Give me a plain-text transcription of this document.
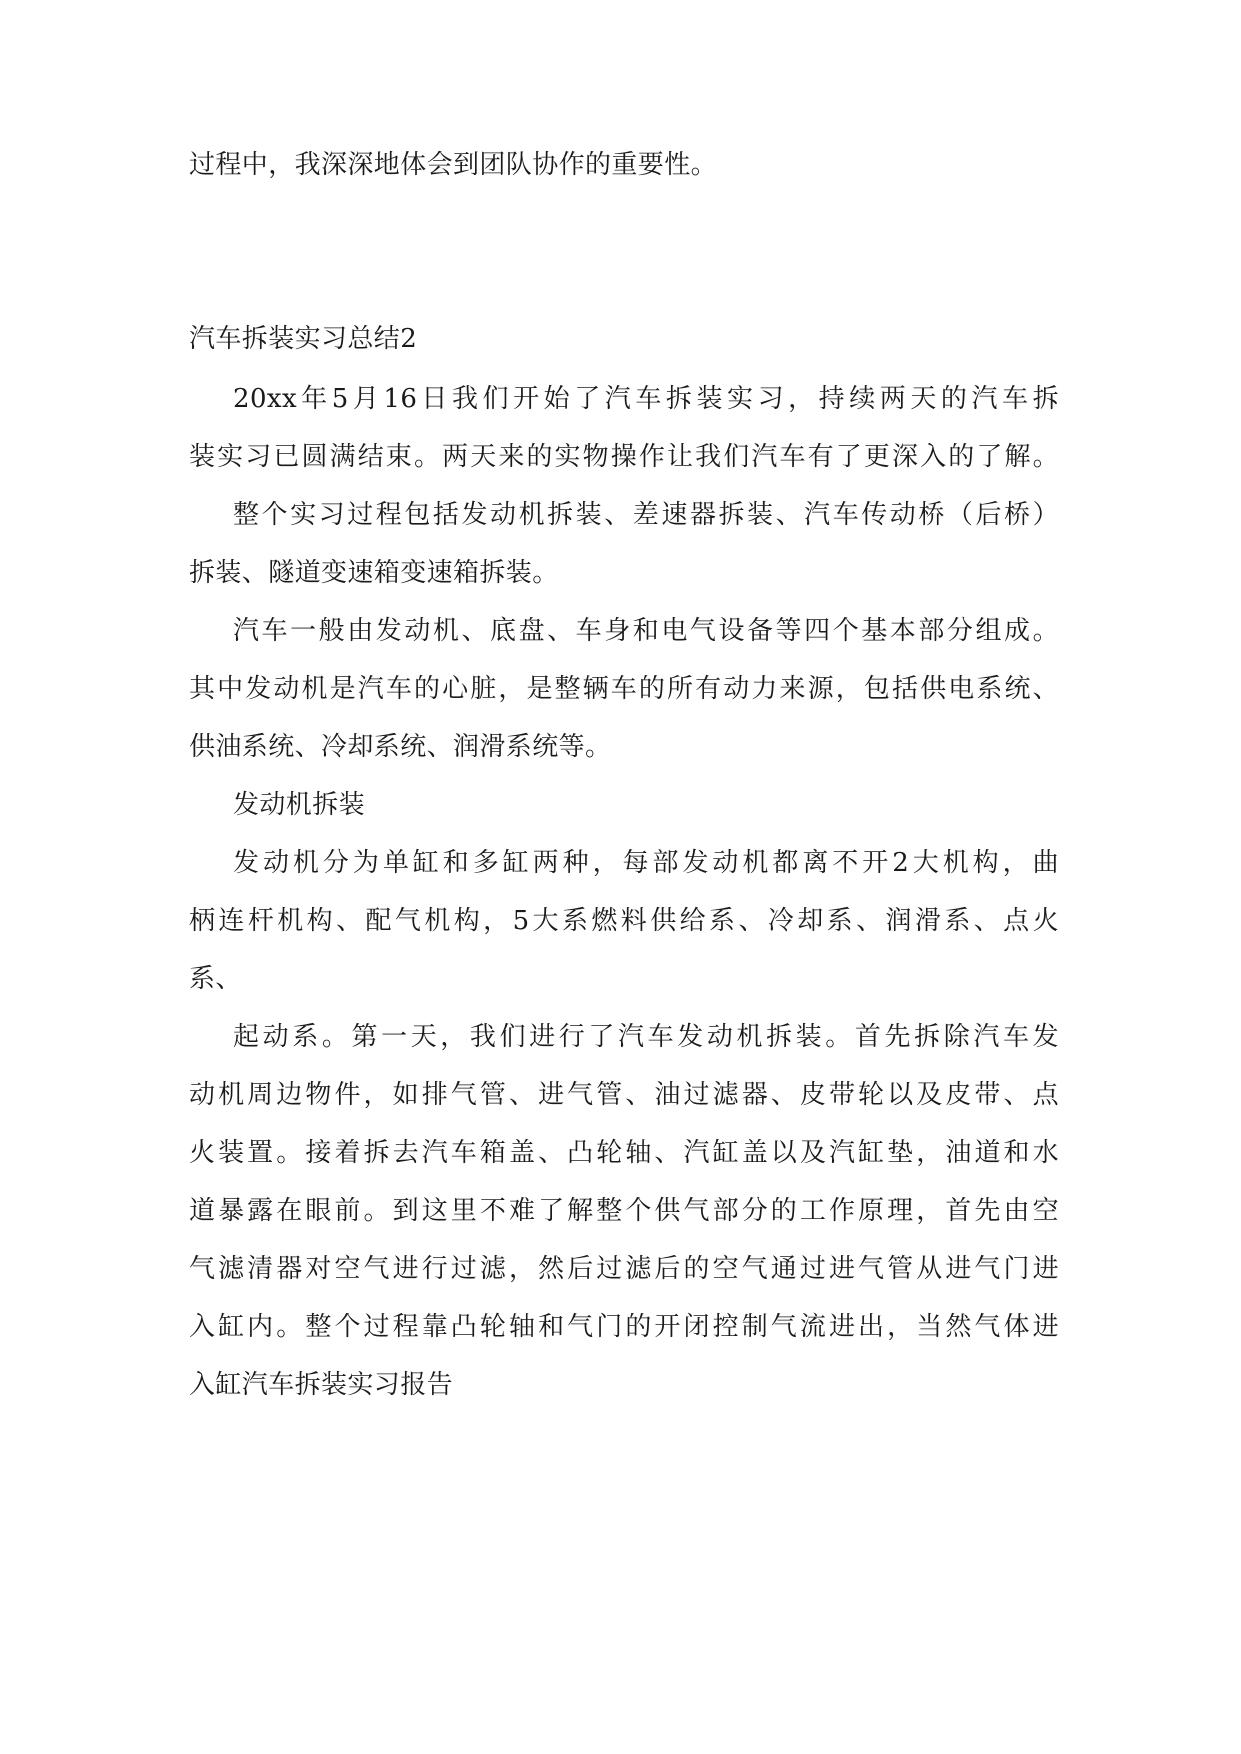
过程中，我深深地体会到团队协作的重要性。
汽车拆装实习总结2
20xx年5月16日我们开始了汽车拆装实习，持续两天的汽车拆
装实习已圆满结束。两天来的实物操作让我们汽车有了更深入的了解。
整个实习过程包括发动机拆装、差速器拆装、汽车传动桥（后桥）
拆装、隧道变速箱变速箱拆装。
汽车一般由发动机、底盘、车身和电气设备等四个基本部分组成。
其中发动机是汽车的心脏，是整辆车的所有动力来源，包括供电系统、
供油系统、冷却系统、润滑系统等。
发动机拆装
发动机分为单缸和多缸两种，每部发动机都离不开2大机构，曲
柄连杆机构、配气机构，5大系燃料供给系、冷却系、润滑系、点火
系、
起动系。第一天，我们进行了汽车发动机拆装。首先拆除汽车发
动机周边物件，如排气管、进气管、油过滤器、皮带轮以及皮带、点
火装置。接着拆去汽车箱盖、凸轮轴、汽缸盖以及汽缸垫，油道和水
道暴露在眼前。到这里不难了解整个供气部分的工作原理，首先由空
气滤清器对空气进行过滤，然后过滤后的空气通过进气管从进气门进
入缸内。整个过程靠凸轮轴和气门的开闭控制气流进出，当然气体进
入缸汽车拆装实习报告
